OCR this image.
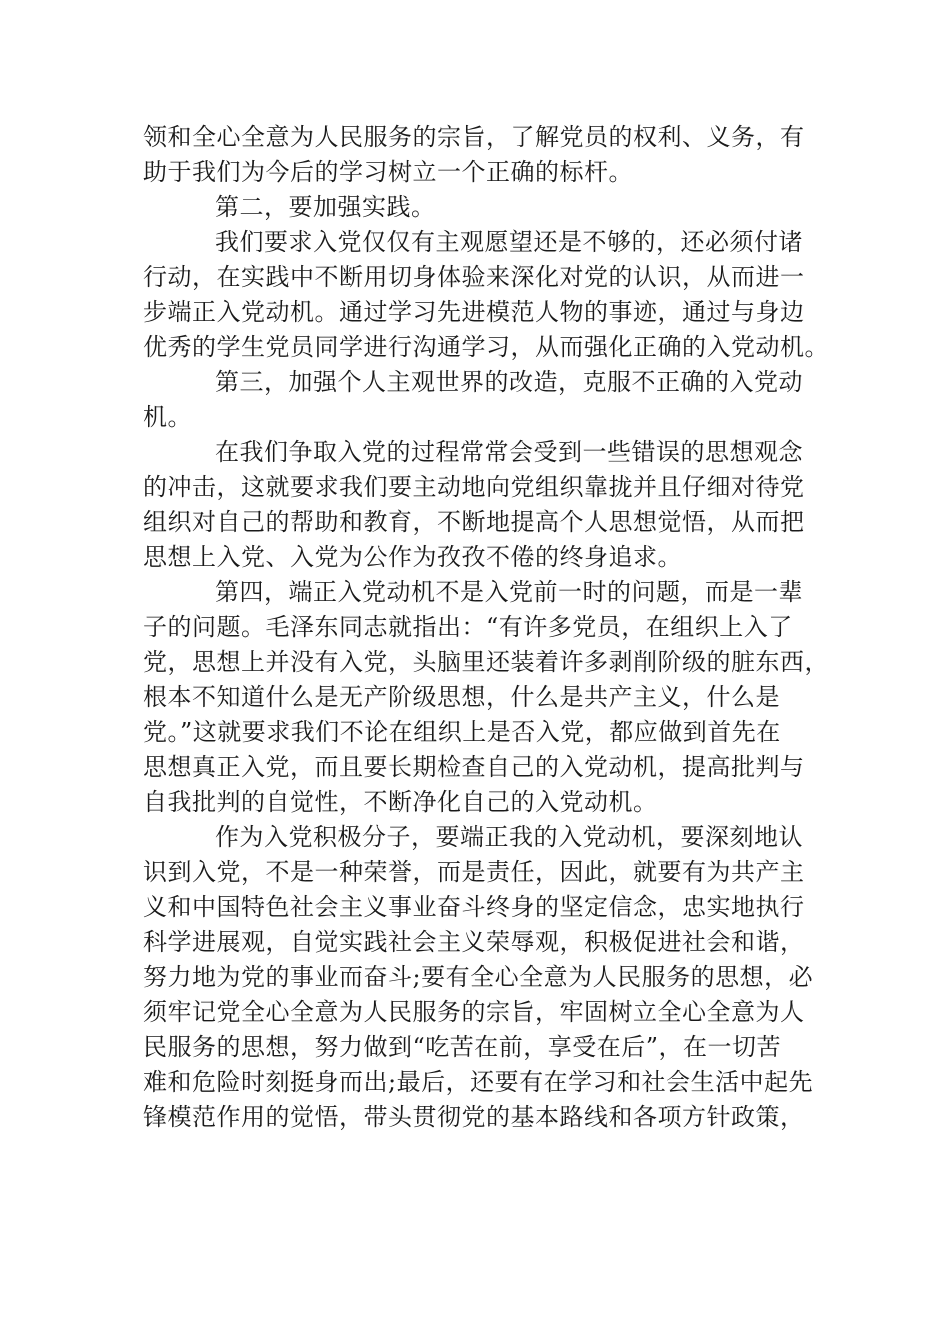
领和全心全意为人民服务的宗旨，了解党员的权利、义务，有
助于我们为今后的学习树立一个正确的标杆。
第二，要加强实践。
我们要求入党仅仅有主观愿望还是不够的，还必须付诸
行动，在实践中不断用切身体验来深化对党的认识，从而进一
步端正入党动机。通过学习先进模范人物的事迹，通过与身边
优秀的学生党员同学进行沟通学习，从而强化正确的入党动机。
第三，加强个人主观世界的改造，克服不正确的入党动
机。
在我们争取入党的过程常常会受到一些错误的思想观念
的冲击，这就要求我们要主动地向党组织靠拢并且仔细对待党
组织对自己的帮助和教育，不断地提高个人思想觉悟，从而把
思想上入党、入党为公作为孜孜不倦的终身追求。
第四，端正入党动机不是入党前一时的问题，而是一辈
子的问题。毛泽东同志就指出：“有许多党员，在组织上入了
党，思想上并没有入党，头脑里还装着许多剥削阶级的脏东西，
根本不知道什么是无产阶级思想，什么是共产主义，什么是
党。”这就要求我们不论在组织上是否入党，都应做到首先在
思想真正入党，而且要长期检查自己的入党动机，提高批判与
自我批判的自觉性，不断净化自己的入党动机。
作为入党积极分子，要端正我的入党动机，要深刻地认
识到入党，不是一种荣誉，而是责任，因此，就要有为共产主
义和中国特色社会主义事业奋斗终身的坚定信念，忠实地执行
科学进展观，自觉实践社会主义荣辱观，积极促进社会和谐，
努力地为党的事业而奋斗;要有全心全意为人民服务的思想，必
须牢记党全心全意为人民服务的宗旨，牢固树立全心全意为人
民服务的思想，努力做到“吃苦在前，享受在后”，在一切苦
难和危险时刻挺身而出;最后，还要有在学习和社会生活中起先
锋模范作用的觉悟，带头贯彻党的基本路线和各项方针政策，
